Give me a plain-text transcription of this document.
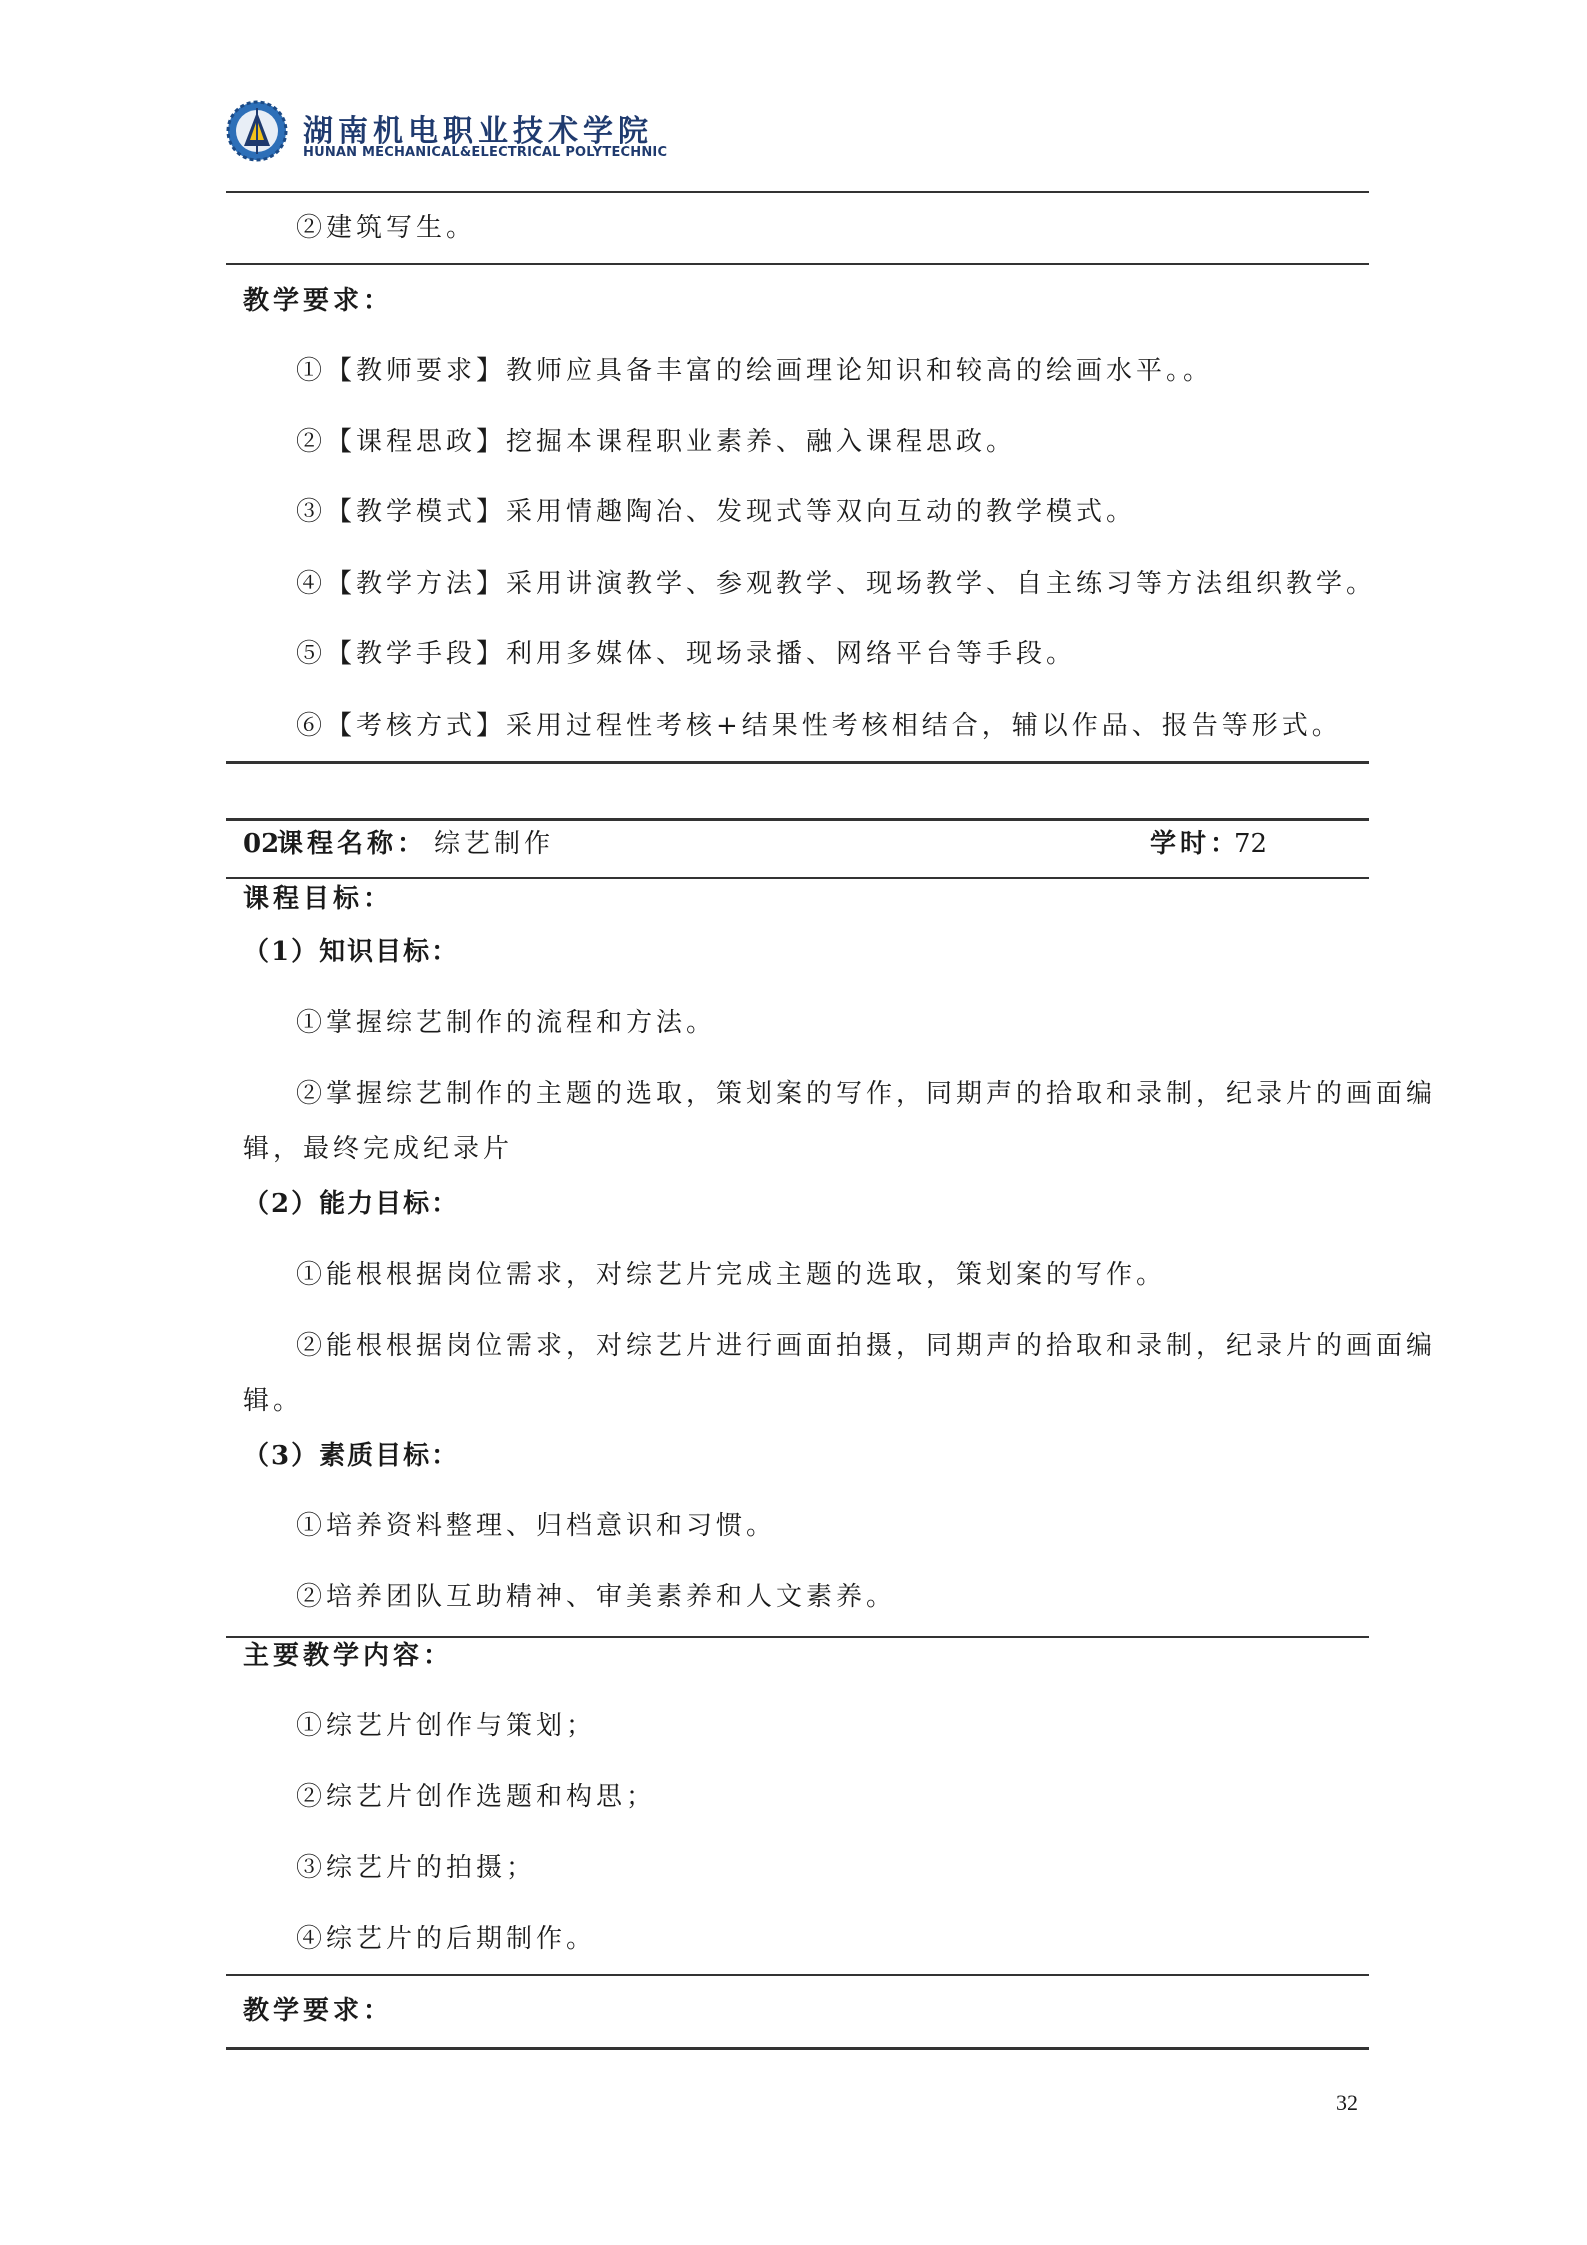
湖南机电职业技术学院
HUNAN MECHANICAL&ELECTRICAL POLYTECHNIC
②建筑写生。
教学要求：
①【教师要求】教师应具备丰富的绘画理论知识和较高的绘画水平。。
②【课程思政】挖掘本课程职业素养、融入课程思政。
③【教学模式】采用情趣陶冶、发现式等双向互动的教学模式。
④【教学方法】采用讲演教学、参观教学、现场教学、自主练习等方法组织教学。
⑤【教学手段】利用多媒体、现场录播、网络平台等手段。
⑥【考核方式】采用过程性考核+结果性考核相结合，辅以作品、报告等形式。
02
课程名称： 综艺制作	学时：
72
课程目标：
（1）知识目标：
①掌握综艺制作的流程和方法。
②掌握综艺制作的主题的选取，策划案的写作，同期声的拾取和录制，纪录片的画面编
辑，最终完成纪录片
（2）能力目标：
①能根根据岗位需求，对综艺片完成主题的选取，策划案的写作。
②能根根据岗位需求，对综艺片进行画面拍摄，同期声的拾取和录制，纪录片的画面编
辑。
（3）素质目标：
①培养资料整理、归档意识和习惯。
②培养团队互助精神、审美素养和人文素养。
主要教学内容：
①综艺片创作与策划；
②综艺片创作选题和构思；
③综艺片的拍摄；
④综艺片的后期制作。
教学要求：
32
